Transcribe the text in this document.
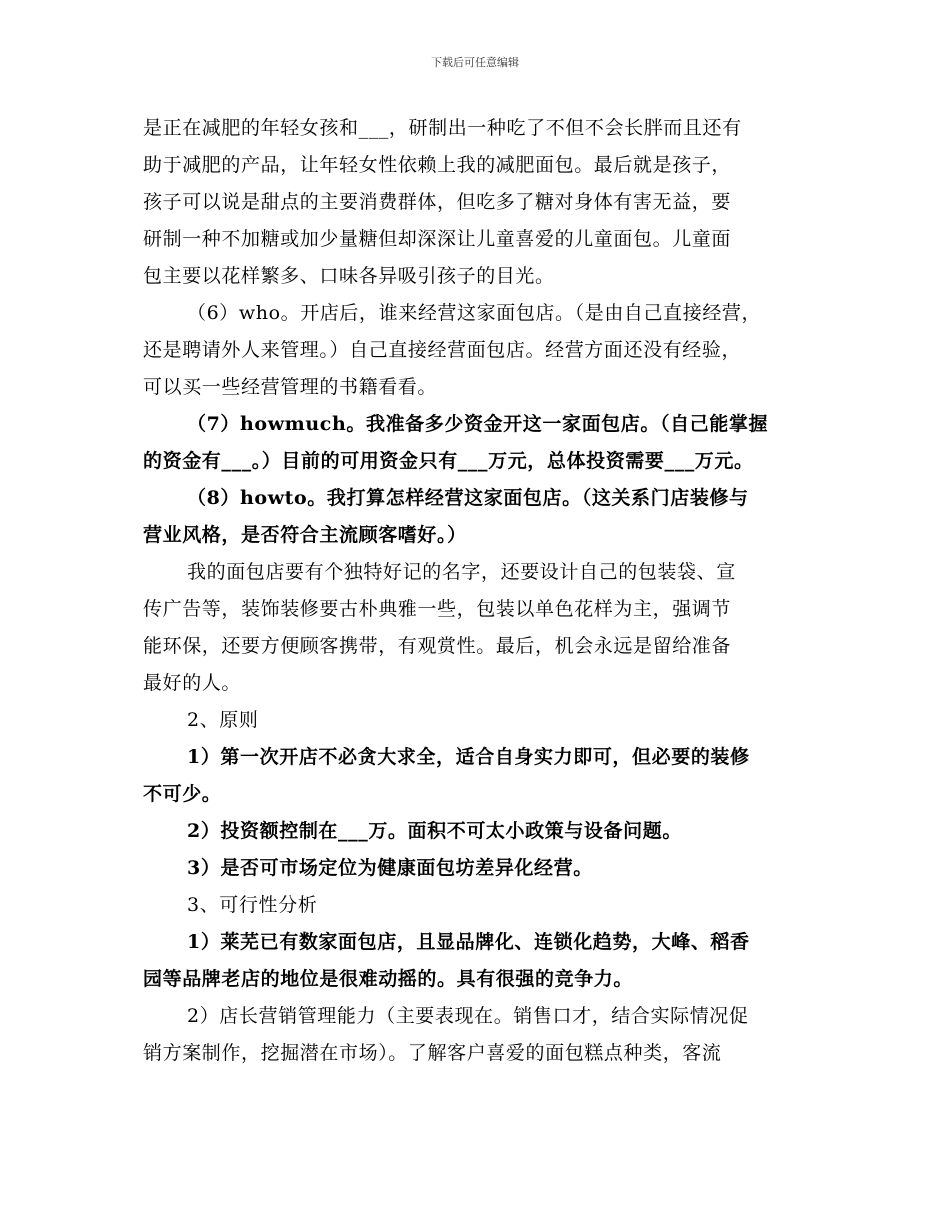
下载后可任意编辑
是正在减肥的年轻女孩和___，研制出一种吃了不但不会长胖而且还有
助于减肥的产品，让年轻女性依赖上我的减肥面包。最后就是孩子，
孩子可以说是甜点的主要消费群体，但吃多了糖对身体有害无益，要
研制一种不加糖或加少量糖但却深深让儿童喜爱的儿童面包。儿童面
包主要以花样繁多、口味各异吸引孩子的目光。
（6）who。开店后，谁来经营这家面包店。（是由自己直接经营，
还是聘请外人来管理。）自己直接经营面包店。经营方面还没有经验，
可以买一些经营管理的书籍看看。
（7）howmuch。我准备多少资金开这一家面包店。（自己能掌握
的资金有___。）目前的可用资金只有___万元，总体投资需要___万元。
（8）howto。我打算怎样经营这家面包店。（这关系门店装修与
营业风格，是否符合主流顾客嗜好。）
我的面包店要有个独特好记的名字，还要设计自己的包装袋、宣
传广告等，装饰装修要古朴典雅一些，包装以单色花样为主，强调节
能环保，还要方便顾客携带，有观赏性。最后，机会永远是留给准备
最好的人。
2、原则
1）第一次开店不必贪大求全，适合自身实力即可，但必要的装修
不可少。
2）投资额控制在___万。面积不可太小政策与设备问题。
3）是否可市场定位为健康面包坊差异化经营。
3、可行性分析
1）莱芜已有数家面包店，且显品牌化、连锁化趋势，大峰、稻香
园等品牌老店的地位是很难动摇的。具有很强的竞争力。
2）店长营销管理能力（主要表现在。销售口才，结合实际情况促
销方案制作，挖掘潜在市场）。了解客户喜爱的面包糕点种类，客流
